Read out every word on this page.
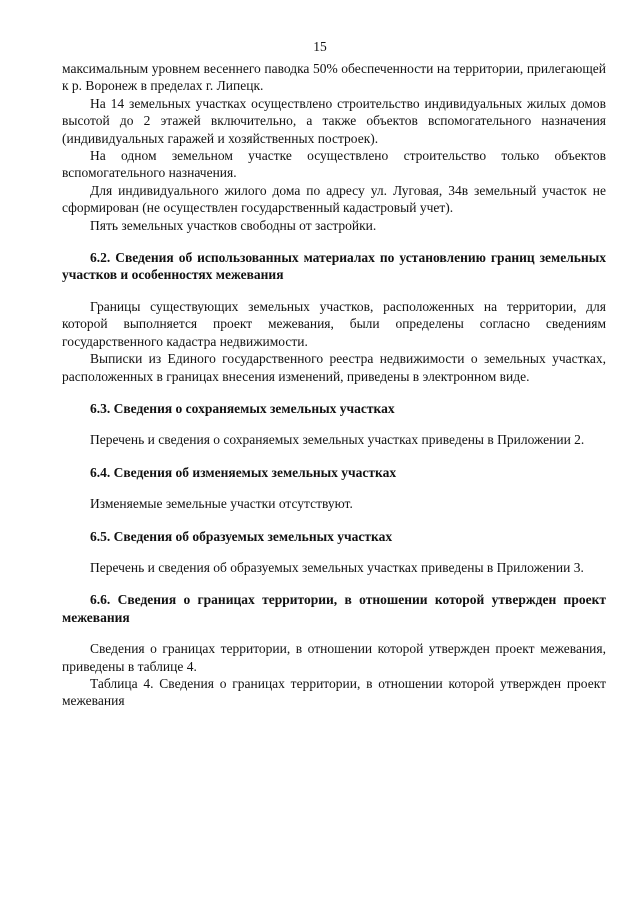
15

максимальным уровнем весеннего паводка 50% обеспеченности на территории, прилегающей к р. Воронеж в пределах г. Липецк.

На 14 земельных участках осуществлено строительство индивидуальных жилых домов высотой до 2 этажей включительно, а также объектов вспомогательного назначения (индивидуальных гаражей и хозяйственных построек).

На одном земельном участке осуществлено строительство только объектов вспомогательного назначения.

Для индивидуального жилого дома по адресу ул. Луговая, 34в земельный участок не сформирован (не осуществлен государственный кадастровый учет).

Пять земельных участков свободны от застройки.

6.2. Сведения об использованных материалах по установлению границ земельных участков и особенностях межевания

Границы существующих земельных участков, расположенных на территории, для которой выполняется проект межевания, были определены согласно сведениям государственного кадастра недвижимости.

Выписки из Единого государственного реестра недвижимости о земельных участках, расположенных в границах внесения изменений, приведены в электронном виде.

6.3. Сведения о сохраняемых земельных участках

Перечень и сведения о сохраняемых земельных участках приведены в Приложении 2.

6.4. Сведения об изменяемых земельных участках

Изменяемые земельные участки отсутствуют.

6.5. Сведения об образуемых земельных участках

Перечень и сведения об образуемых земельных участках приведены в Приложении 3.

6.6. Сведения о границах территории, в отношении которой утвержден проект межевания

Сведения о границах территории, в отношении которой утвержден проект межевания, приведены в таблице 4.

Таблица 4. Сведения о границах территории, в отношении которой утвержден проект межевания
